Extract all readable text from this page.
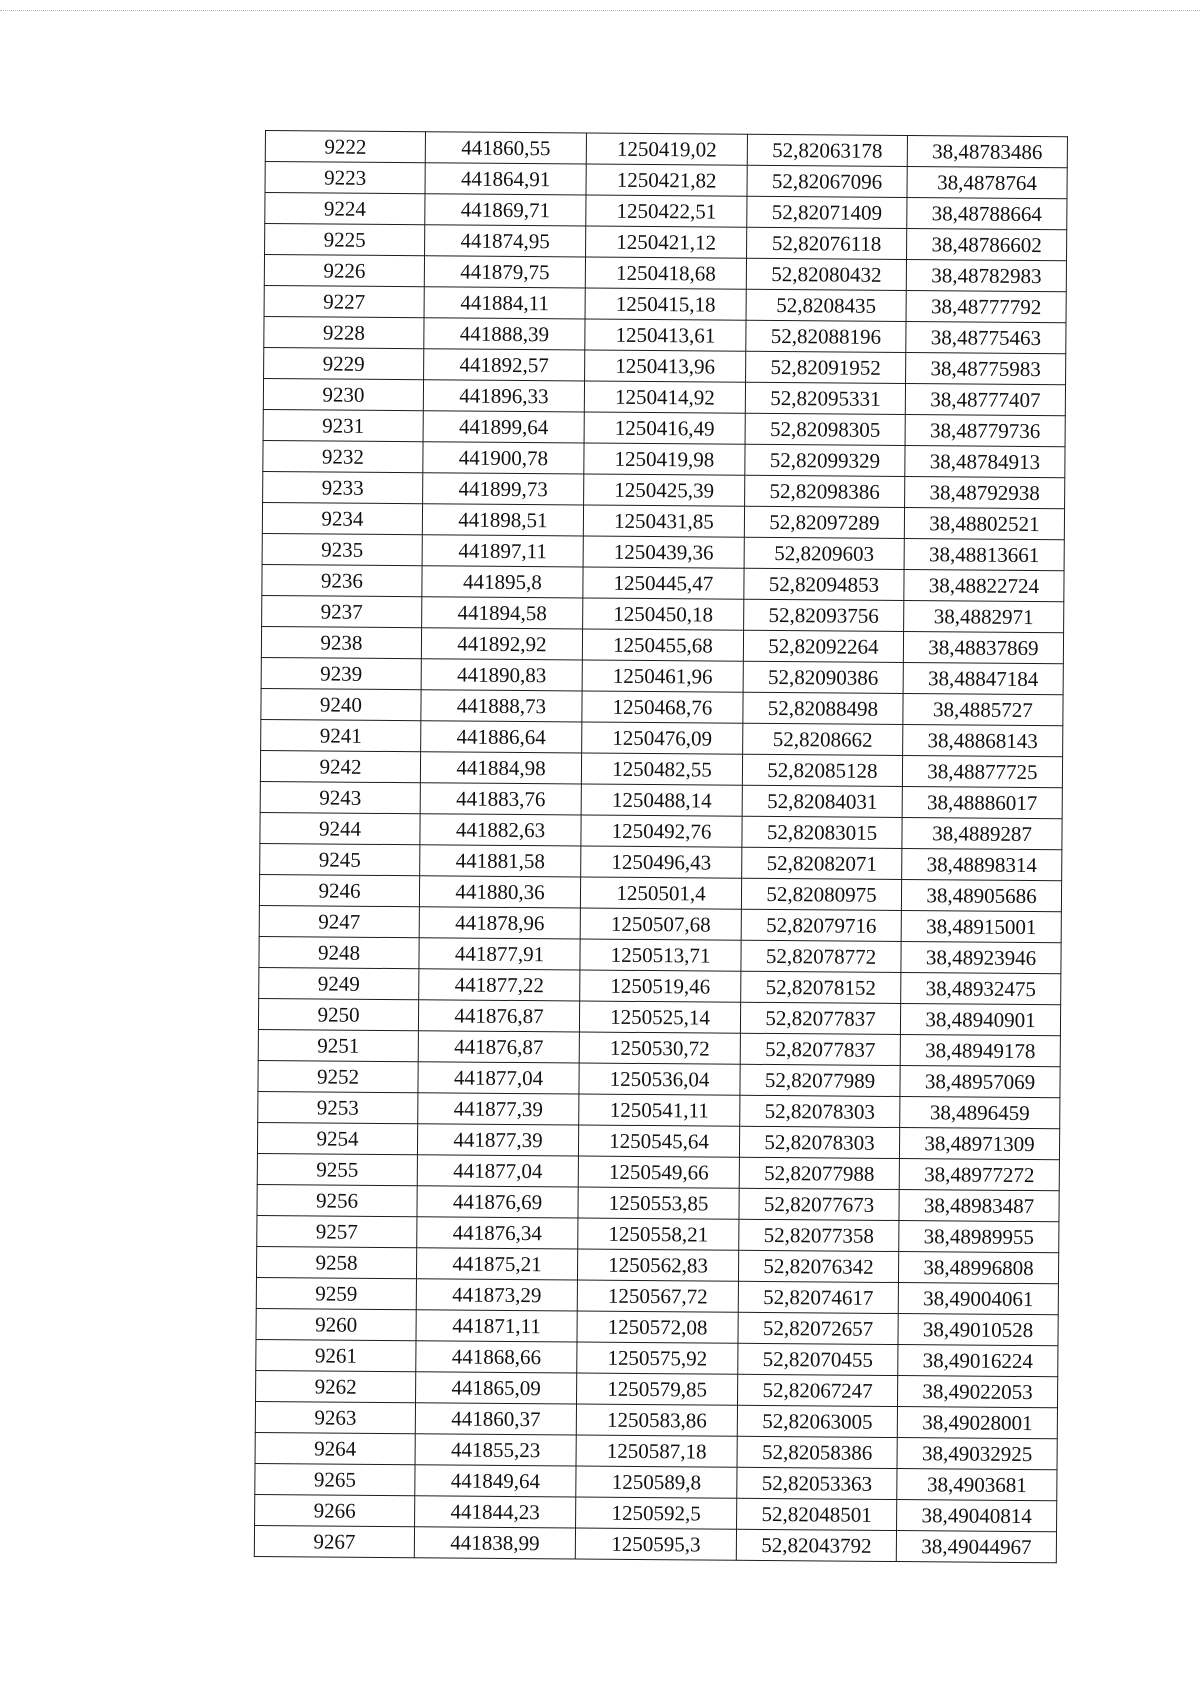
9222	441860,55	1250419,02	52,82063178	38,48783486
9223	441864,91	1250421,82	52,82067096	38,4878764
9224	441869,71	1250422,51	52,82071409	38,48788664
9225	441874,95	1250421,12	52,82076118	38,48786602
9226	441879,75	1250418,68	52,82080432	38,48782983
9227	441884,11	1250415,18	52,8208435	38,48777792
9228	441888,39	1250413,61	52,82088196	38,48775463
9229	441892,57	1250413,96	52,82091952	38,48775983
9230	441896,33	1250414,92	52,82095331	38,48777407
9231	441899,64	1250416,49	52,82098305	38,48779736
9232	441900,78	1250419,98	52,82099329	38,48784913
9233	441899,73	1250425,39	52,82098386	38,48792938
9234	441898,51	1250431,85	52,82097289	38,48802521
9235	441897,11	1250439,36	52,8209603	38,48813661
9236	441895,8	1250445,47	52,82094853	38,48822724
9237	441894,58	1250450,18	52,82093756	38,4882971
9238	441892,92	1250455,68	52,82092264	38,48837869
9239	441890,83	1250461,96	52,82090386	38,48847184
9240	441888,73	1250468,76	52,82088498	38,4885727
9241	441886,64	1250476,09	52,8208662	38,48868143
9242	441884,98	1250482,55	52,82085128	38,48877725
9243	441883,76	1250488,14	52,82084031	38,48886017
9244	441882,63	1250492,76	52,82083015	38,4889287
9245	441881,58	1250496,43	52,82082071	38,48898314
9246	441880,36	1250501,4	52,82080975	38,48905686
9247	441878,96	1250507,68	52,82079716	38,48915001
9248	441877,91	1250513,71	52,82078772	38,48923946
9249	441877,22	1250519,46	52,82078152	38,48932475
9250	441876,87	1250525,14	52,82077837	38,48940901
9251	441876,87	1250530,72	52,82077837	38,48949178
9252	441877,04	1250536,04	52,82077989	38,48957069
9253	441877,39	1250541,11	52,82078303	38,4896459
9254	441877,39	1250545,64	52,82078303	38,48971309
9255	441877,04	1250549,66	52,82077988	38,48977272
9256	441876,69	1250553,85	52,82077673	38,48983487
9257	441876,34	1250558,21	52,82077358	38,48989955
9258	441875,21	1250562,83	52,82076342	38,48996808
9259	441873,29	1250567,72	52,82074617	38,49004061
9260	441871,11	1250572,08	52,82072657	38,49010528
9261	441868,66	1250575,92	52,82070455	38,49016224
9262	441865,09	1250579,85	52,82067247	38,49022053
9263	441860,37	1250583,86	52,82063005	38,49028001
9264	441855,23	1250587,18	52,82058386	38,49032925
9265	441849,64	1250589,8	52,82053363	38,4903681
9266	441844,23	1250592,5	52,82048501	38,49040814
9267	441838,99	1250595,3	52,82043792	38,49044967
